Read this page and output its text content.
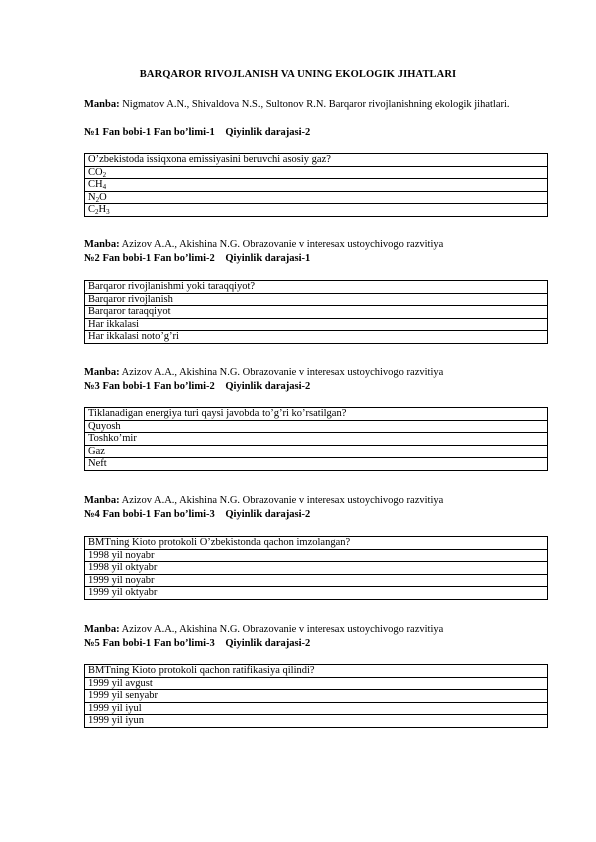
BARQAROR RIVOJLANISH VA UNING EKOLOGIK JIHATLARI
Manba: Nigmatov A.N., Shivaldova N.S., Sultonov R.N. Barqaror rivojlanishning ekologik jihatlari.
№1 Fan bobi-1 Fan bo’limi-1 Qiyinlik darajasi-2
O’zbekistoda issiqxona emissiyasini beruvchi asosiy gaz?
$CO_2$
$CH_4$
$N_2O$
$C_2H_3$
Manba: Azizov A.A., Akishina N.G. Obrazovanie v interesax ustoychivogo razvitiya
№2 Fan bobi-1 Fan bo’limi-2 Qiyinlik darajasi-1
Barqaror rivojlanishmi yoki taraqqiyot?
Barqaror rivojlanish
Barqaror taraqqiyot
Har ikkalasi
Har ikkalasi noto’g’ri
Manba: Azizov A.A., Akishina N.G. Obrazovanie v interesax ustoychivogo razvitiya
№3 Fan bobi-1 Fan bo’limi-2 Qiyinlik darajasi-2
Tiklanadigan energiya turi qaysi javobda to’g’ri ko’rsatilgan?
Quyosh
Toshko’mir
Gaz
Neft
Manba: Azizov A.A., Akishina N.G. Obrazovanie v interesax ustoychivogo razvitiya
№4 Fan bobi-1 Fan bo’limi-3 Qiyinlik darajasi-2
BMTning Kioto protokoli O’zbekistonda qachon imzolangan?
1998 yil noyabr
1998 yil oktyabr
1999 yil noyabr
1999 yil oktyabr
Manba: Azizov A.A., Akishina N.G. Obrazovanie v interesax ustoychivogo razvitiya
№5 Fan bobi-1 Fan bo’limi-3 Qiyinlik darajasi-2
BMTning Kioto protokoli qachon ratifikasiya qilindi?
1999 yil avgust
1999 yil senyabr
1999 yil iyul
1999 yil iyun
